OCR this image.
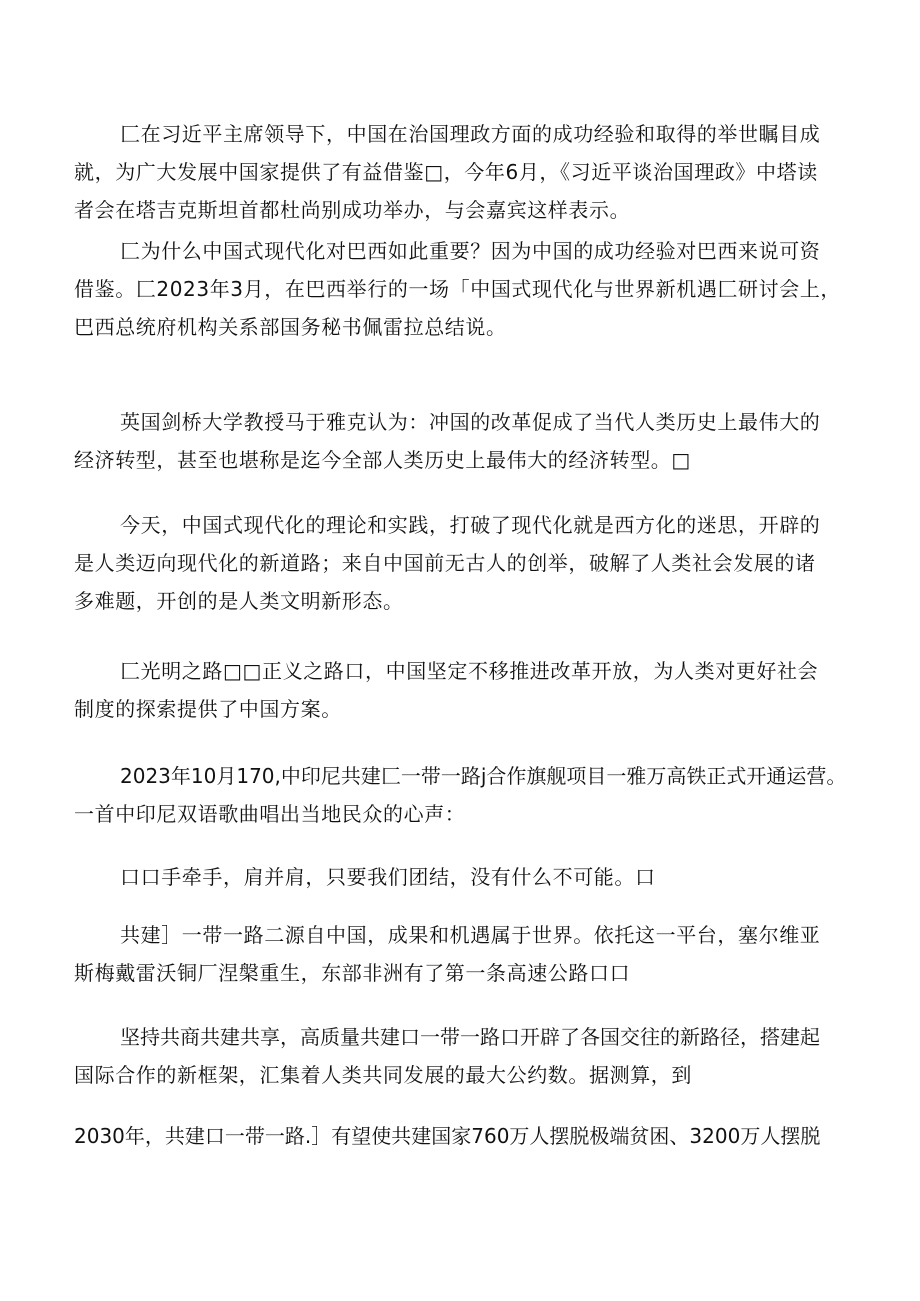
匚在习近平主席领导下，中国在治国理政方面的成功经验和取得的举世瞩目成
就，为广大发展中国家提供了有益借鉴□，今年6月，《习近平谈治国理政》中塔读
者会在塔吉克斯坦首都杜尚别成功举办，与会嘉宾这样表示。
匚为什么中国式现代化对巴西如此重要？因为中国的成功经验对巴西来说可资
借鉴。匚2023年3月，在巴西举行的一场「中国式现代化与世界新机遇匚研讨会上，
巴西总统府机构关系部国务秘书佩雷拉总结说。
英国剑桥大学教授马于雅克认为：冲国的改革促成了当代人类历史上最伟大的
经济转型，甚至也堪称是迄今全部人类历史上最伟大的经济转型。□
今天，中国式现代化的理论和实践，打破了现代化就是西方化的迷思，开辟的
是人类迈向现代化的新道路；来自中国前无古人的创举，破解了人类社会发展的诸
多难题，开创的是人类文明新形态。
匚光明之路□□正义之路口，中国坚定不移推进改革开放，为人类对更好社会
制度的探索提供了中国方案。
2023年10月170,中印尼共建匚一带一路j合作旗舰项目一雅万高铁正式开通运营。
一首中印尼双语歌曲唱出当地民众的心声：
口口手牵手，肩并肩，只要我们团结，没有什么不可能。口
共建］一带一路二源自中国，成果和机遇属于世界。依托这一平台，塞尔维亚
斯梅戴雷沃铜厂涅槃重生，东部非洲有了第一条高速公路口口
坚持共商共建共享，高质量共建口一带一路口开辟了各国交往的新路径，搭建起
国际合作的新框架，汇集着人类共同发展的最大公约数。据测算，到
2030年，共建口一带一路.］有望使共建国家760万人摆脱极端贫困、3200万人摆脱
